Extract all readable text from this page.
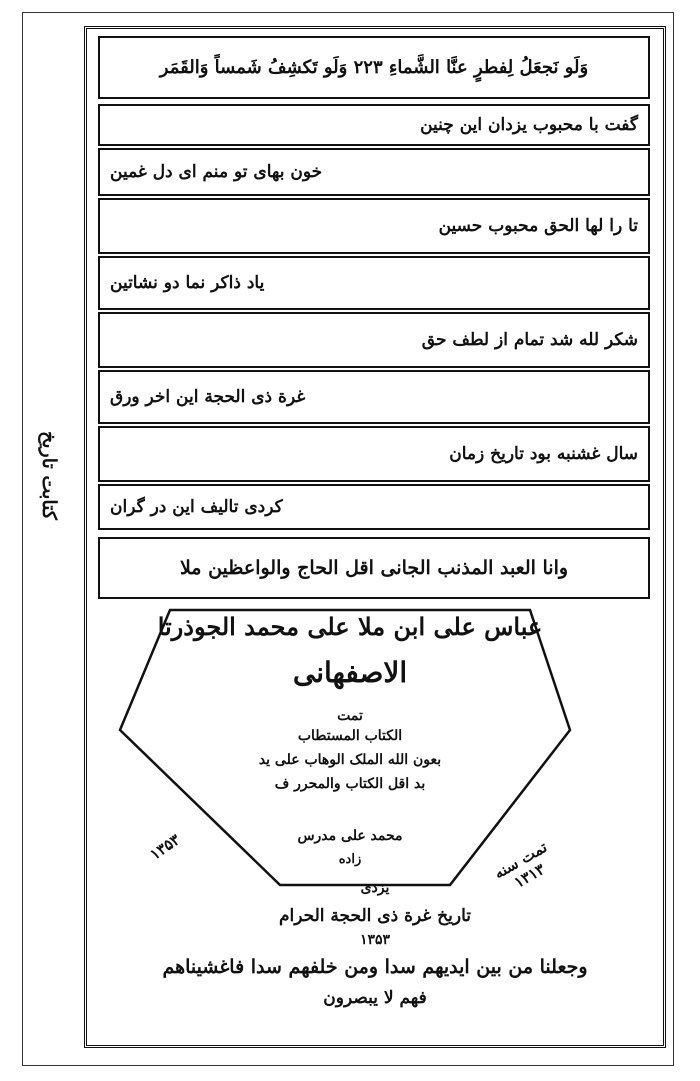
وَلَو نَجعَلُ لِفطرٍ عنَّا الشَّماءِ ۲۲۳ وَلَو تَكشِفُ شَمساً وَالقَمَر
گفت با محبوب یزدان این چنین
خون بهای تو منم ای دل غمین
تا را لها الحق محبوب حسین
یاد ذاکر نما دو نشاتین
شکر لله شد تمام از لطف حق
غرة ذی الحجة این اخر ورق
سال غشنبه بود تاریخ زمان
کردی تالیف این در گران
وانا العبد المذنب الجانی اقل الحاج والواعظین ملا
کتابت تاریخ
عباس علی ابن ملا علی محمد الجوذرتا
الاصفهانی
تمت
الکتاب المستطاب
بعون الله الملک الوهاب علی ید
بد اقل الکتاب والمحرر ف
محمد علی مدرس
زاده
۱۳۵۳	تمت سنه ۱۳۱۳
یزدی
تاریخ غرة ذی الحجة الحرام
۱۳۵۳
وجعلنا من بین ایدیهم سدا ومن خلفهم سدا فاغشیناهم
فهم لا یبصرون
